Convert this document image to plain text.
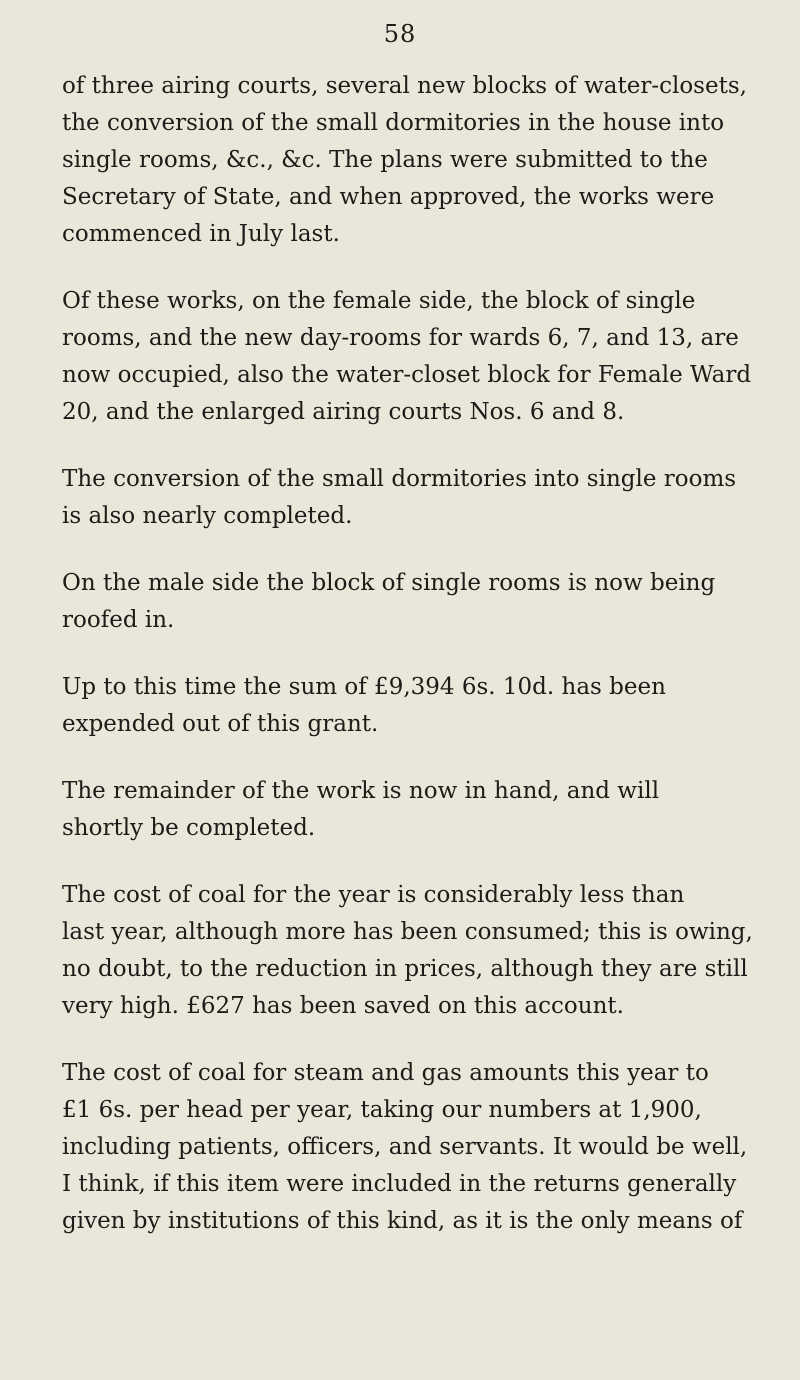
58

of three airing courts, several new blocks of water-closets,
the conversion of the small dormitories in the house into
single rooms, &c., &c. The plans were submitted to the
Secretary of State, and when approved, the works were
commenced in July last.

Of these works, on the female side, the block of single
rooms, and the new day-rooms for wards 6, 7, and 13, are
now occupied, also the water-closet block for Female Ward
20, and the enlarged airing courts Nos. 6 and 8.

The conversion of the small dormitories into single rooms
is also nearly completed.

On the male side the block of single rooms is now being
roofed in.

Up to this time the sum of £9,394 6s. 10d. has been
expended out of this grant.

The remainder of the work is now in hand, and will
shortly be completed.

The cost of coal for the year is considerably less than
last year, although more has been consumed; this is owing,
no doubt, to the reduction in prices, although they are still
very high. £627 has been saved on this account.

The cost of coal for steam and gas amounts this year to
£1 6s. per head per year, taking our numbers at 1,900,
including patients, officers, and servants. It would be well,
I think, if this item were included in the returns generally
given by institutions of this kind, as it is the only means of
